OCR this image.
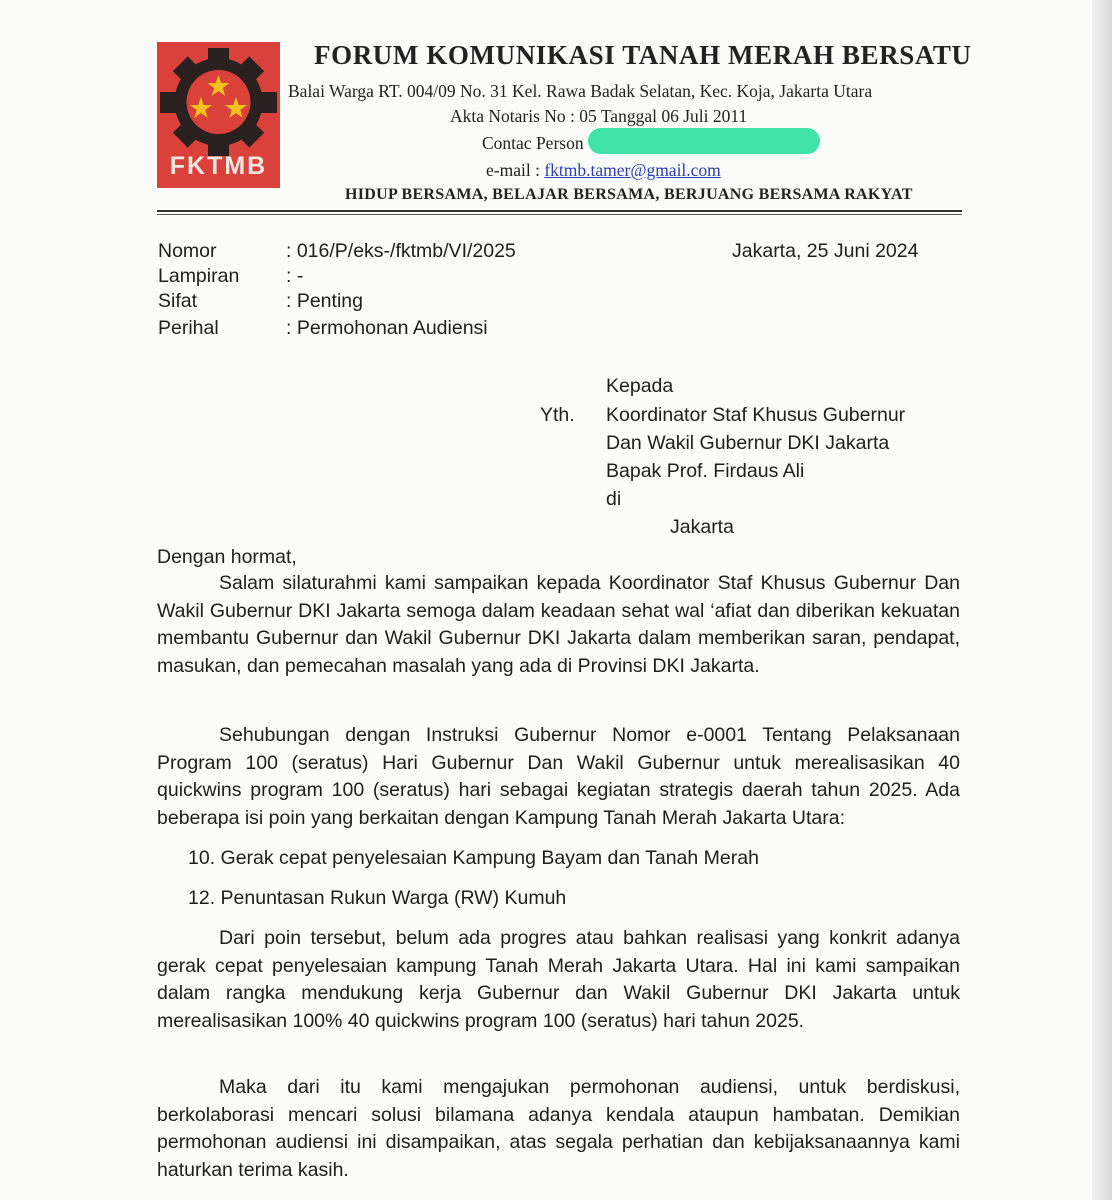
FKTMB
FORUM KOMUNIKASI TANAH MERAH BERSATU
Balai Warga RT. 004/09 No. 31 Kel. Rawa Badak Selatan, Kec. Koja, Jakarta Utara
Akta Notaris No : 05 Tanggal 06 Juli 2011
Contac Person
e-mail : fktmb.tamer@gmail.com
HIDUP BERSAMA, BELAJAR BERSAMA, BERJUANG BERSAMA RAKYAT
Nomor	: 016/P/eks-/fktmb/VI/2025	Jakarta, 25 Juni 2024
Lampiran : -
Sifat	: Penting
Perihal	: Permohonan Audiensi
Kepada
Yth. Koordinator Staf Khusus Gubernur
Dan Wakil Gubernur DKI Jakarta
Bapak Prof. Firdaus Ali
di
Jakarta
Dengan hormat,
Salam silaturahmi kami sampaikan kepada Koordinator Staf Khusus Gubernur Dan Wakil Gubernur DKI Jakarta semoga dalam keadaan sehat wal ‘afiat dan diberikan kekuatan membantu Gubernur dan Wakil Gubernur DKI Jakarta dalam memberikan saran, pendapat, masukan, dan pemecahan masalah yang ada di Provinsi DKI Jakarta.
Sehubungan dengan Instruksi Gubernur Nomor e-0001 Tentang Pelaksanaan Program 100 (seratus) Hari Gubernur Dan Wakil Gubernur untuk merealisasikan 40 quickwins program 100 (seratus) hari sebagai kegiatan strategis daerah tahun 2025. Ada beberapa isi poin yang berkaitan dengan Kampung Tanah Merah Jakarta Utara:
10. Gerak cepat penyelesaian Kampung Bayam dan Tanah Merah
12. Penuntasan Rukun Warga (RW) Kumuh
Dari poin tersebut, belum ada progres atau bahkan realisasi yang konkrit adanya gerak cepat penyelesaian kampung Tanah Merah Jakarta Utara. Hal ini kami sampaikan dalam rangka mendukung kerja Gubernur dan Wakil Gubernur DKI Jakarta untuk merealisasikan 100% 40 quickwins program 100 (seratus) hari tahun 2025.
Maka dari itu kami mengajukan permohonan audiensi, untuk berdiskusi, berkolaborasi mencari solusi bilamana adanya kendala ataupun hambatan. Demikian permohonan audiensi ini disampaikan, atas segala perhatian dan kebijaksanaannya kami haturkan terima kasih.
